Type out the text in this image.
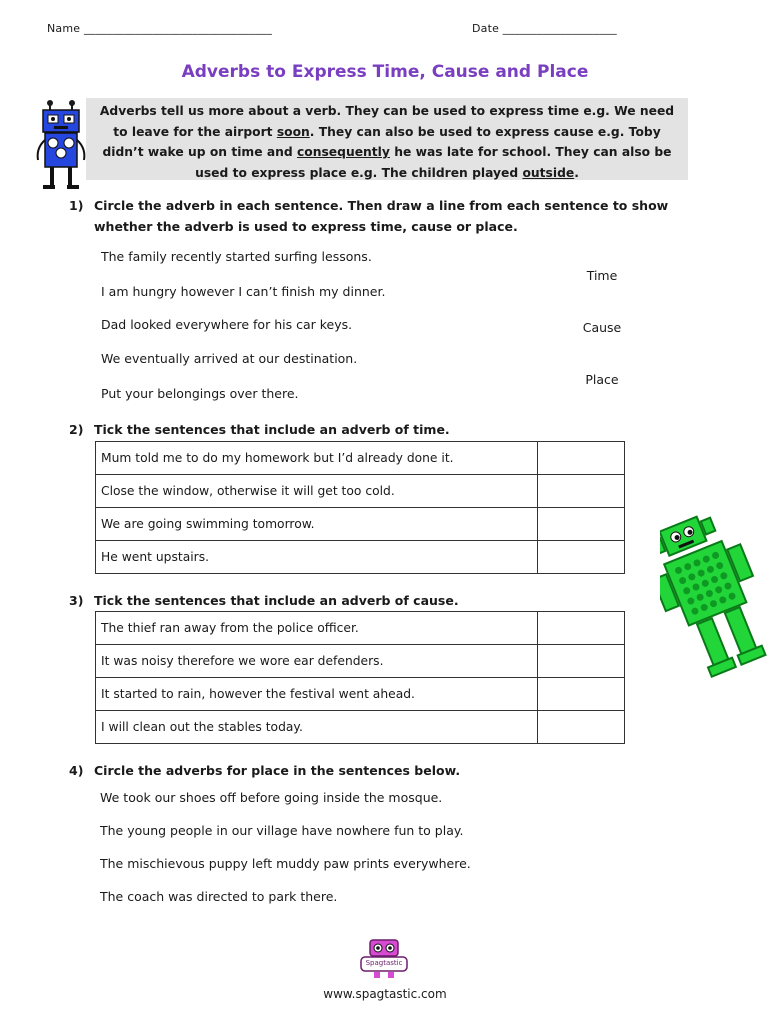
Name _________________________________	Date ____________________
Adverbs to Express Time, Cause and Place
Adverbs tell us more about a verb. They can be used to express time e.g. We need to leave for the airport soon. They can also be used to express cause e.g. Toby didn’t wake up on time and consequently he was late for school. They can also be used to express place e.g. The children played outside.
1) Circle the adverb in each sentence. Then draw a line from each sentence to show whether the adverb is used to express time, cause or place.
The family recently started surfing lessons.
I am hungry however I can’t finish my dinner.
Dad looked everywhere for his car keys.
We eventually arrived at our destination.
Put your belongings over there.
Time
Cause
Place
2) Tick the sentences that include an adverb of time.
Mum told me to do my homework but I’d already done it.	
Close the window, otherwise it will get too cold.	
We are going swimming tomorrow.	
He went upstairs.	
3) Tick the sentences that include an adverb of cause.
The thief ran away from the police officer.	
It was noisy therefore we wore ear defenders.	
It started to rain, however the festival went ahead.	
I will clean out the stables today.	
4) Circle the adverbs for place in the sentences below.
We took our shoes off before going inside the mosque.
The young people in our village have nowhere fun to play.
The mischievous puppy left muddy paw prints everywhere.
The coach was directed to park there.
Spagtastic
www.spagtastic.com
